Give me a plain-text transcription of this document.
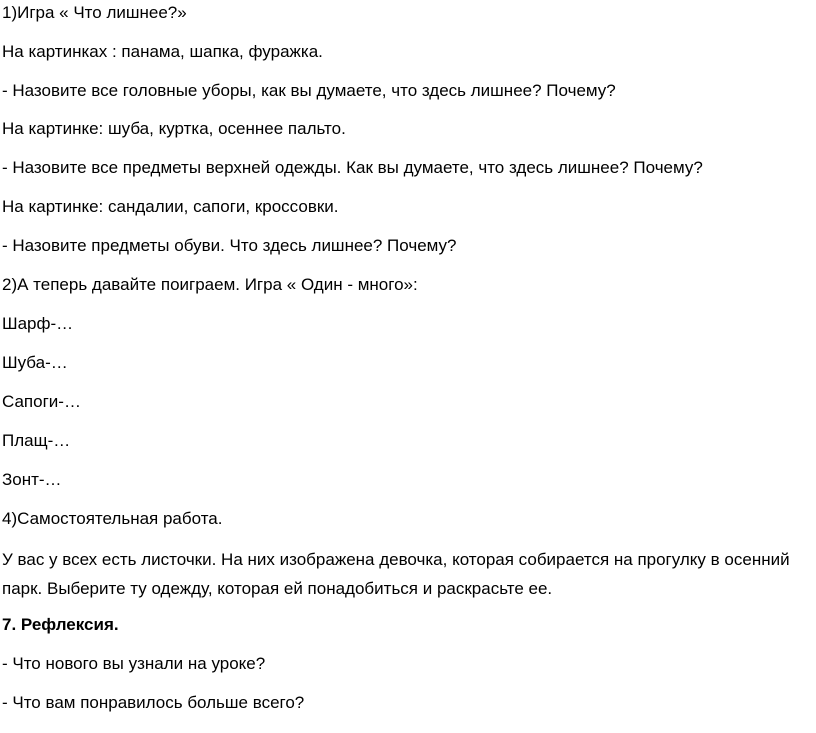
1)Игра « Что лишнее?»
На картинках : панама, шапка, фуражка.
- Назовите все головные уборы, как вы думаете, что здесь лишнее? Почему?
На картинке: шуба, куртка, осеннее пальто.
- Назовите все предметы верхней одежды. Как вы думаете, что здесь лишнее? Почему?
На картинке: сандалии, сапоги, кроссовки.
- Назовите предметы обуви. Что здесь лишнее? Почему?
2)А теперь давайте поиграем. Игра « Один - много»:
Шарф-…
Шуба-…
Сапоги-…
Плащ-…
Зонт-…
4)Самостоятельная работа.
У вас у всех есть листочки. На них изображена девочка, которая собирается на прогулку в осенний парк. Выберите ту одежду, которая ей понадобиться и раскрасьте ее.
7. Рефлексия.
- Что нового вы узнали на уроке?
- Что вам понравилось больше всего?
